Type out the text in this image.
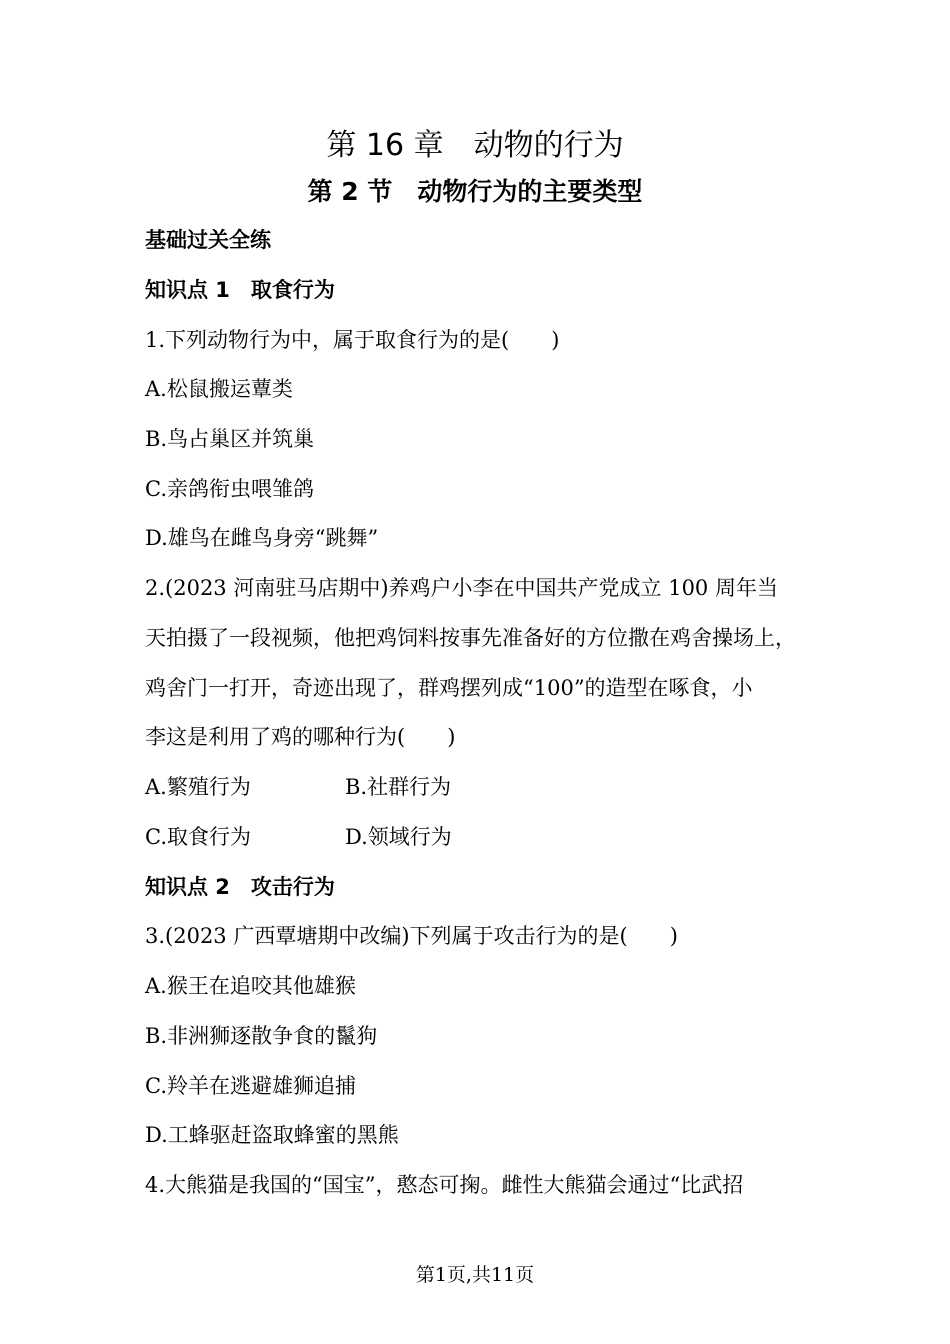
第 16 章　动物的行为
第 2 节　动物行为的主要类型
基础过关全练
知识点 1　取食行为
1.下列动物行为中，属于取食行为的是(　　)
A.松鼠搬运蕈类
B.鸟占巢区并筑巢
C.亲鸽衔虫喂雏鸽
D.雄鸟在雌鸟身旁“跳舞”
2.(2023 河南驻马店期中)养鸡户小李在中国共产党成立 100 周年当
天拍摄了一段视频，他把鸡饲料按事先准备好的方位撒在鸡舍操场上，
鸡舍门一打开，奇迹出现了，群鸡摆列成“100”的造型在啄食，小
李这是利用了鸡的哪种行为(　　)
A.繁殖行为	B.社群行为
C.取食行为	D.领域行为
知识点 2　攻击行为
3.(2023 广西覃塘期中改编)下列属于攻击行为的是(　　)
A.猴王在追咬其他雄猴
B.非洲狮逐散争食的鬣狗
C.羚羊在逃避雄狮追捕
D.工蜂驱赶盗取蜂蜜的黑熊
4.大熊猫是我国的“国宝”，憨态可掬。雌性大熊猫会通过“比武招
第1页,共11页
